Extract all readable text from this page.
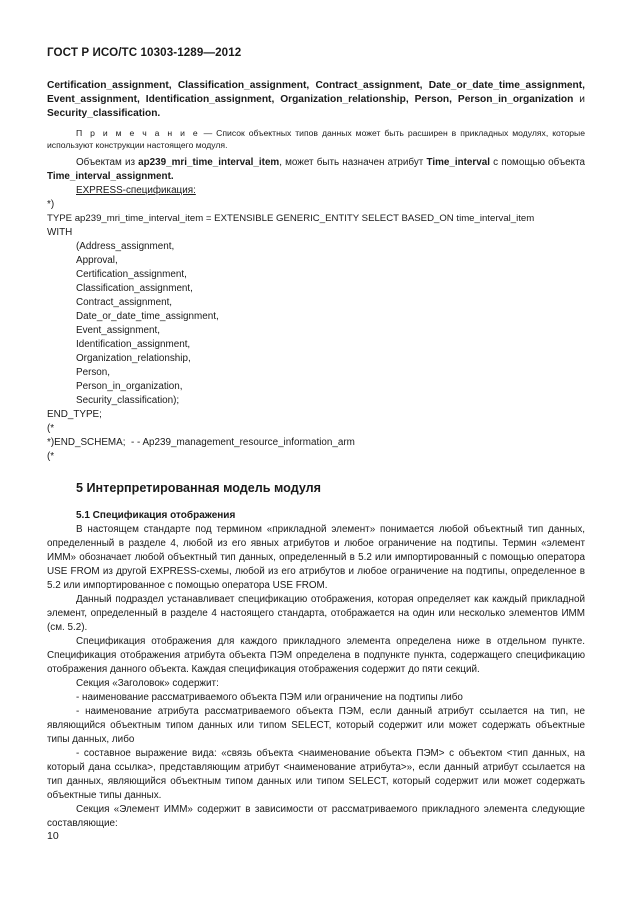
ГОСТ Р ИСО/ТС 10303-1289—2012
Certification_assignment, Classification_assignment, Contract_assignment, Date_or_date_time_assignment, Event_assignment, Identification_assignment, Organization_relationship, Person, Person_in_organization и Security_classification.
П р и м е ч а н и е — Список объектных типов данных может быть расширен в прикладных модулях, которые используют конструкции настоящего модуля.
Объектам из ap239_mri_time_interval_item, может быть назначен атрибут Time_interval с помощью объекта Time_interval_assignment.
EXPRESS-спецификация:
*)
TYPE ap239_mri_time_interval_item = EXTENSIBLE GENERIC_ENTITY SELECT BASED_ON time_interval_item
WITH
(Address_assignment,
Approval,
Certification_assignment,
Classification_assignment,
Contract_assignment,
Date_or_date_time_assignment,
Event_assignment,
Identification_assignment,
Organization_relationship,
Person,
Person_in_organization,
Security_classification);
END_TYPE;
(*
*)END_SCHEMA;  - - Ap239_management_resource_information_arm
(*
5 Интерпретированная модель модуля
5.1 Спецификация отображения
В настоящем стандарте под термином «прикладной элемент» понимается любой объектный тип данных, определенный в разделе 4, любой из его явных атрибутов и любое ограничение на подтипы. Термин «элемент ИММ» обозначает любой объектный тип данных, определенный в 5.2 или импортированный с помощью оператора USE FROM из другой EXPRESS-схемы, любой из его атрибутов и любое ограничение на подтипы, определенное в 5.2 или импортированное с помощью оператора USE FROM.
Данный подраздел устанавливает спецификацию отображения, которая определяет как каждый прикладной элемент, определенный в разделе 4 настоящего стандарта, отображается на один или несколько элементов ИММ (см. 5.2).
Спецификация отображения для каждого прикладного элемента определена ниже в отдельном пункте. Спецификация отображения атрибута объекта ПЭМ определена в подпункте пункта, содержащего спецификацию отображения данного объекта. Каждая спецификация отображения содержит до пяти секций.
Секция «Заголовок» содержит:
- наименование рассматриваемого объекта ПЭМ или ограничение на подтипы либо
- наименование атрибута рассматриваемого объекта ПЭМ, если данный атрибут ссылается на тип, не являющийся объектным типом данных или типом SELECT, который содержит или может содержать объектные типы данных, либо
- составное выражение вида: «связь объекта <наименование объекта ПЭМ> с объектом <тип данных, на который дана ссылка>, представляющим атрибут <наименование атрибута>», если данный атрибут ссылается на тип данных, являющийся объектным типом данных или типом SELECT, который содержит или может содержать объектные типы данных.
Секция «Элемент ИММ» содержит в зависимости от рассматриваемого прикладного элемента следующие составляющие:
10
